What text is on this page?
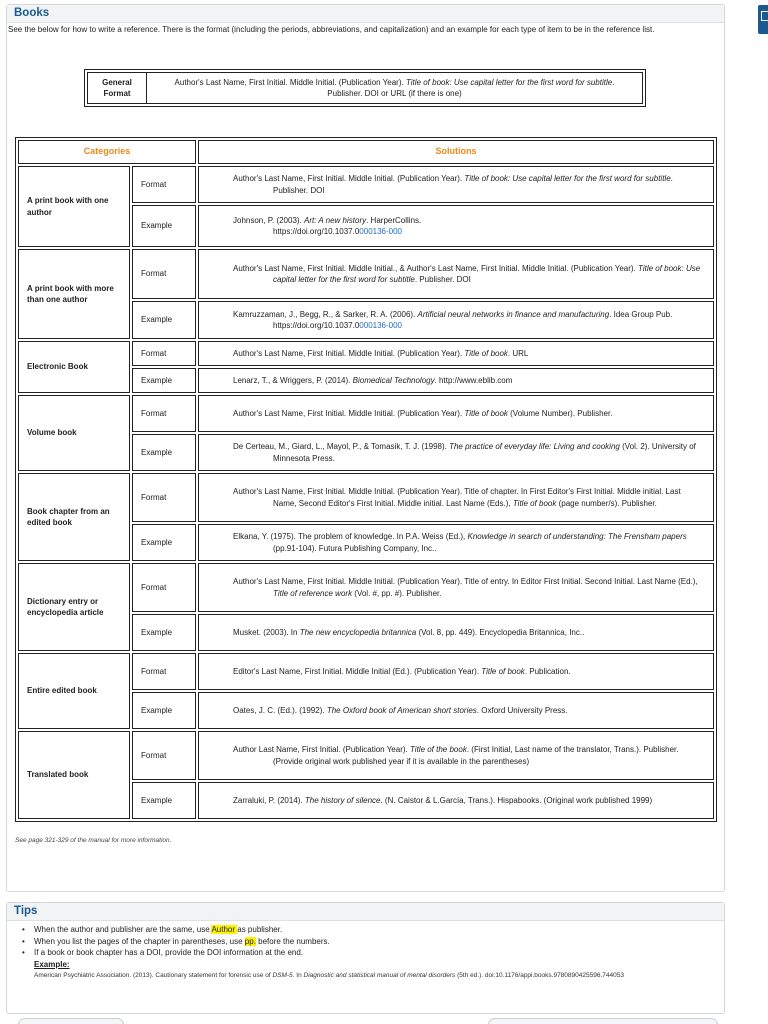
Books

See the below for how to write a reference. There is the format (including the periods, abbreviations, and capitalization) and an example for each type of item to be in the reference list.

General Format
Author's Last Name, First Initial. Middle Initial. (Publication Year). Title of book: Use capital letter for the first word for subtitle. Publisher. DOI or URL (if there is one)
Categories		Solutions
A print book with one author	Format	Author's Last Name, First Initial. Middle Initial. (Publication Year). Title of book: Use capital letter for the first word for subtitle. Publisher. DOI
	Example	Johnson, P. (2003). Art: A new history. HarperCollins.
https://doi.org/10.1037.0000136-000
A print book with more than one author	Format	Author's Last Name, First Initial. Middle Initial., & Author's Last Name, First Initial. Middle Initial. (Publication Year). Title of book: Use capital letter for the first word for subtitle. Publisher. DOI
	Example	Kamruzzaman, J., Begg, R., & Sarker, R. A. (2006). Artificial neural networks in finance and manufacturing. Idea Group Pub. https://doi.org/10.1037.0000136-000
Electronic Book	Format	Author's Last Name, First Initial. Middle Initial. (Publication Year). Title of book. URL
	Example	Lenarz, T., & Wriggers, P. (2014). Biomedical Technology. http://www.eblib.com
Volume book	Format	Author's Last Name, First Initial. Middle Initial. (Publication Year). Title of book (Volume Number). Publisher.
	Example	De Certeau, M., Giard, L., Mayol, P., & Tomasik, T. J. (1998). The practice of everyday life: Living and cooking (Vol. 2). University of Minnesota Press.
Book chapter from an edited book	Format	Author's Last Name, First Initial. Middle Initial. (Publication Year). Title of chapter. In First Editor's First Initial. Middle initial. Last Name, Second Editor's First Initial. Middle initial. Last Name (Eds.), Title of book (page number/s). Publisher.
	Example	Elkana, Y. (1975). The problem of knowledge. In P.A. Weiss (Ed.), Knowledge in search of understanding: The Frensham papers (pp.91-104). Futura Publishing Company, Inc..
Dictionary entry or encyclopedia article	Format	Author's Last Name, First Initial. Middle Initial. (Publication Year). Title of entry. In Editor First Initial. Second Initial. Last Name (Ed.), Title of reference work (Vol. #, pp. #). Publisher.
	Example	Musket. (2003). In The new encyclopedia britannica (Vol. 8, pp. 449). Encyclopedia Britannica, Inc..
Entire edited book	Format	Editor's Last Name, First Initial. Middle Initial (Ed.). (Publication Year). Title of book. Publication.
	Example	Oates, J. C. (Ed.). (1992). The Oxford book of American short stories. Oxford University Press.
Translated book	Format	Author Last Name, First Initial. (Publication Year). Title of the book. (First Initial, Last name of the translator, Trans.). Publisher. (Provide original work published year if it is available in the parentheses)
	Example	Zarraluki, P. (2014). The history of silence. (N. Caistor & L.García, Trans.). Hispabooks. (Original work published 1999)

See page 321-329 of the manual for more information.

Tips
• When the author and publisher are the same, use Author as publisher.
• When you list the pages of the chapter in parentheses, use pp. before the numbers.
• If a book or book chapter has a DOI, provide the DOI information at the end.
Example:
American Psychiatric Association. (2013). Cautionary statement for forensic use of DSM-5. In Diagnostic and statistical manual of mental disorders (5th ed.). doi:10.1176/appi.books.9780890425596.744053
